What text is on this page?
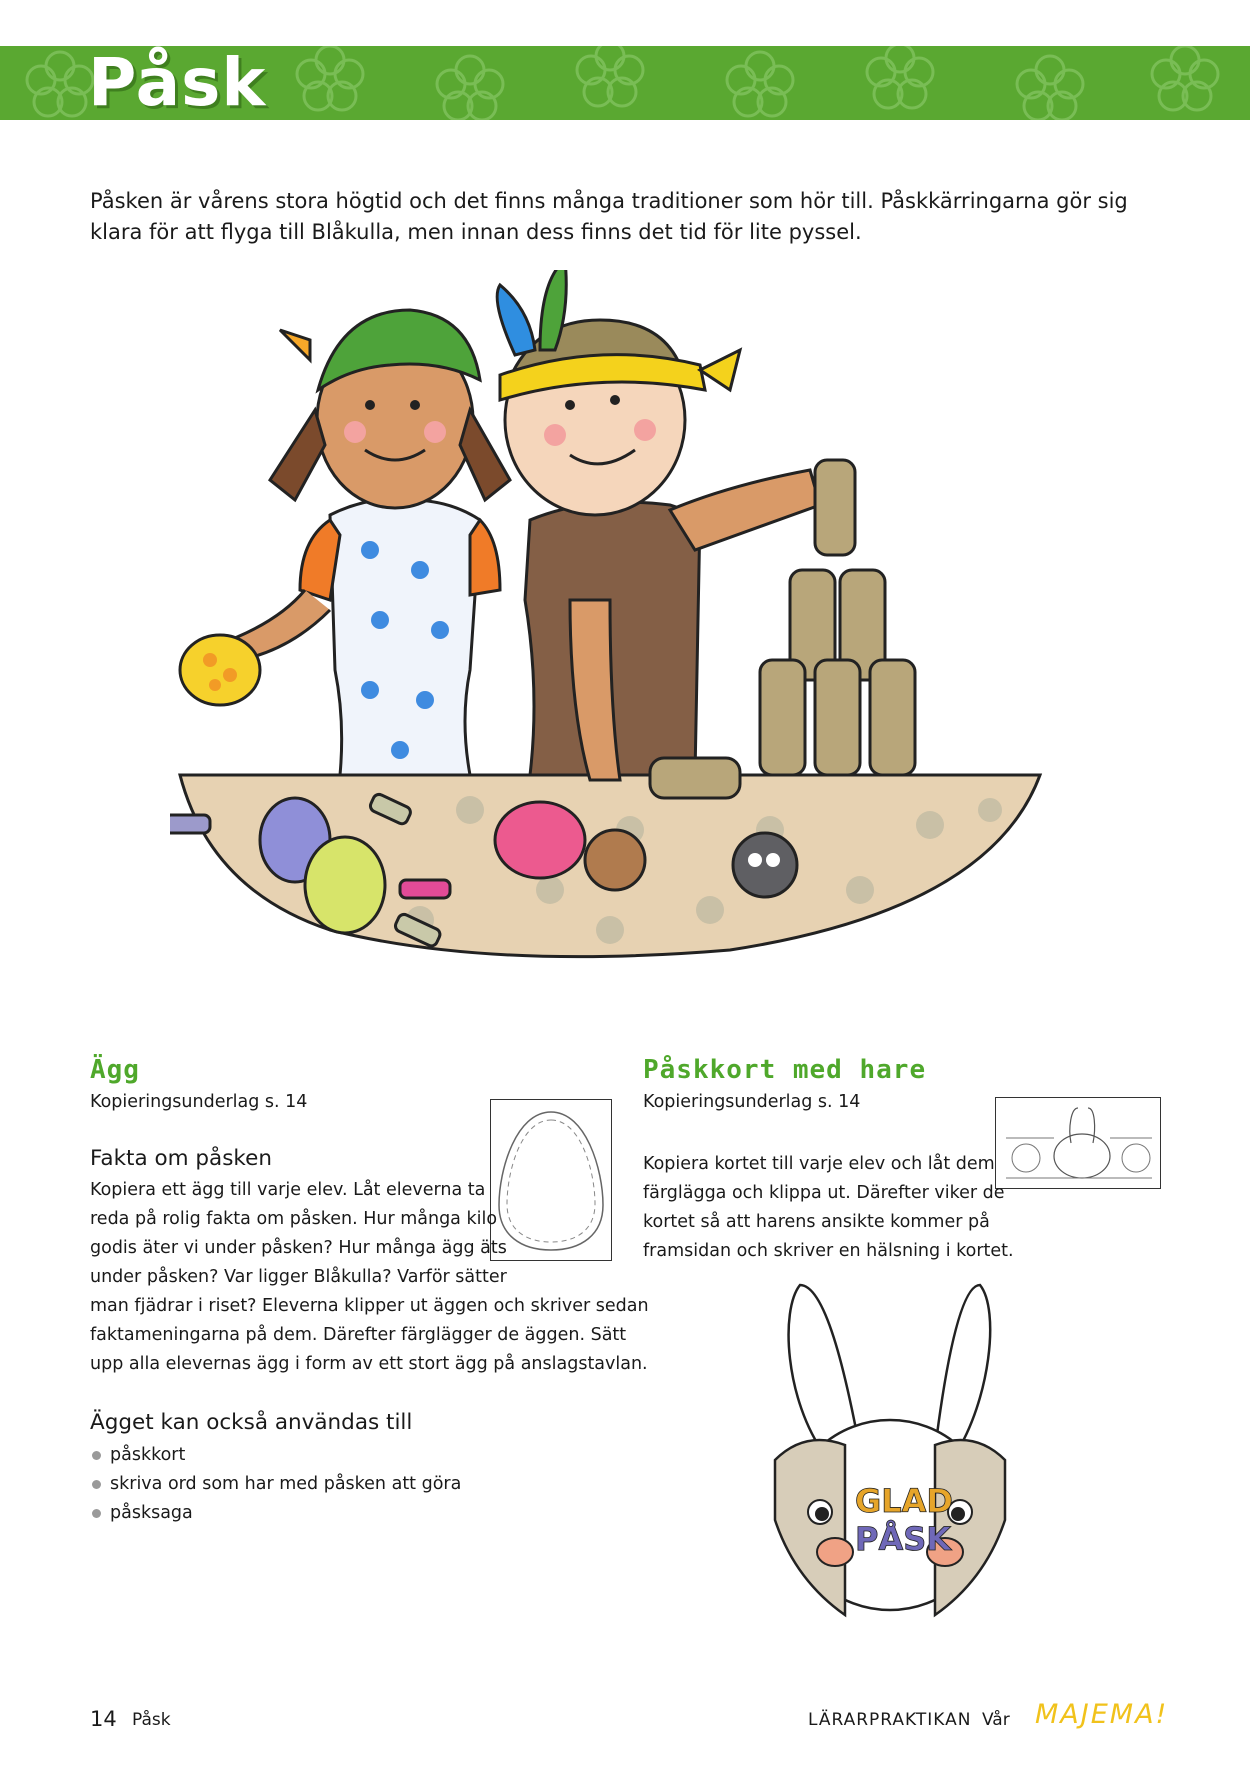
Påsk
Påsken är vårens stora högtid och det finns många traditioner som hör till. Påskkärringarna gör sig klara för att flyga till Blåkulla, men innan dess finns det tid för lite pyssel.
Ägg
Kopieringsunderlag s. 14
Fakta om påsken
Kopiera ett ägg till varje elev. Låt eleverna ta
reda på rolig fakta om påsken. Hur många kilo
godis äter vi under påsken? Hur många ägg äts
under påsken? Var ligger Blåkulla? Varför sätter
man fjädrar i riset? Eleverna klipper ut äggen och skriver sedan
faktameningarna på dem. Därefter färglägger de äggen. Sätt
upp alla elevernas ägg i form av ett stort ägg på anslagstavlan.
Ägget kan också användas till
påskkort
skriva ord som har med påsken att göra
påsksaga
Påskkort med hare
Kopieringsunderlag s. 14
Kopiera kortet till varje elev och låt dem
färglägga och klippa ut. Därefter viker de
kortet så att harens ansikte kommer på
framsidan och skriver en hälsning i kortet.
GLAD
PÅSK
14 Påsk	LÄRARPRAKTIKAN Vår MAJEMA!
